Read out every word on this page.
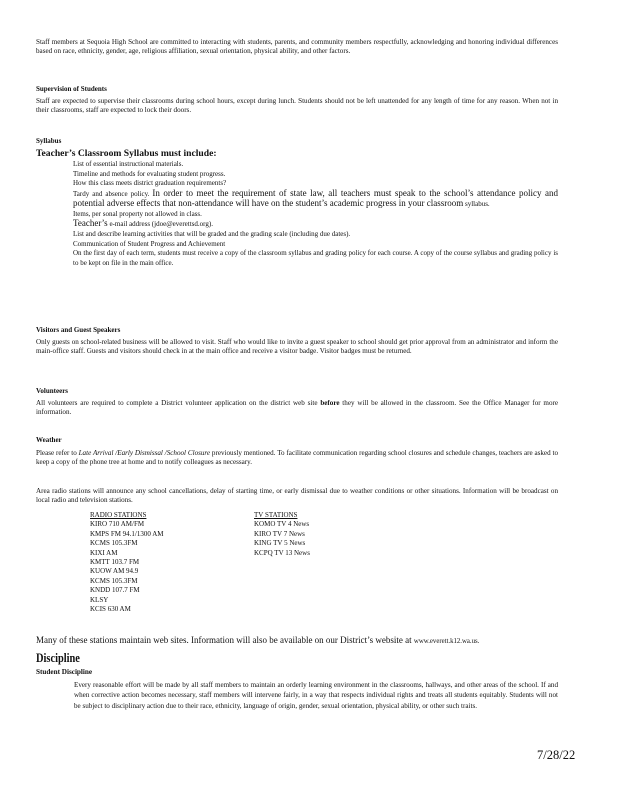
Staff members at Sequoia High School are committed to interacting with students, parents, and community members respectfully, acknowledging and honoring individual differences based on race, ethnicity, gender, age, religious affiliation, sexual orientation, physical ability, and other factors.
Supervision of Students
Staff are expected to supervise their classrooms during school hours, except during lunch. Students should not be left unattended for any length of time for any reason. When not in their classrooms, staff are expected to lock their doors.
Syllabus
Teacher’s Classroom Syllabus must include:
List of essential instructional materials.
Timeline and methods for evaluating student progress.
How this class meets district graduation requirements?
Tardy and absence policy. In order to meet the requirement of state law, all teachers must speak to the school’s attendance policy and potential adverse effects that non-attendance will have on the student’s academic progress in your classroom syllabus.
Items, per sonal property not allowed in class.
Teacher’s e-mail address (jdoe@everettsd.org).
List and describe learning activities that will be graded and the grading scale (including due dates).
Communication of Student Progress and Achievement
On the first day of each term, students must receive a copy of the classroom syllabus and grading policy for each course. A copy of the course syllabus and grading policy is to be kept on file in the main office.
Visitors and Guest Speakers
Only guests on school-related business will be allowed to visit. Staff who would like to invite a guest speaker to school should get prior approval from an administrator and inform the main-office staff. Guests and visitors should check in at the main office and receive a visitor badge. Visitor badges must be returned.
Volunteers
All volunteers are required to complete a District volunteer application on the district web site before they will be allowed in the classroom. See the Office Manager for more information.
Weather
Please refer to Late Arrival /Early Dismissal /School Closure previously mentioned. To facilitate communication regarding school closures and schedule changes, teachers are asked to keep a copy of the phone tree at home and to notify colleagues as necessary.
Area radio stations will announce any school cancellations, delay of starting time, or early dismissal due to weather conditions or other situations. Information will be broadcast on local radio and television stations.
RADIO STATIONS
KIRO 710 AM/FM
KMPS FM 94.1/1300 AM
KCMS 105.3FM
KIXI AM
KMTT 103.7 FM
KUOW AM 94.9
KCMS 105.3FM
KNDD 107.7 FM
KLSY
KCIS 630 AM
TV STATIONS
KOMO TV 4 News
KIRO TV 7 News
KING TV 5 News
KCPQ TV 13 News
Many of these stations maintain web sites. Information will also be available on our District’s website at www.everett.k12.wa.us.
Discipline
Student Discipline
Every reasonable effort will be made by all staff members to maintain an orderly learning environment in the classrooms, hallways, and other areas of the school. If and when corrective action becomes necessary, staff members will intervene fairly, in a way that respects individual rights and treats all students equitably. Students will not be subject to disciplinary action due to their race, ethnicity, language of origin, gender, sexual orientation, physical ability, or other such traits.
7/28/22
